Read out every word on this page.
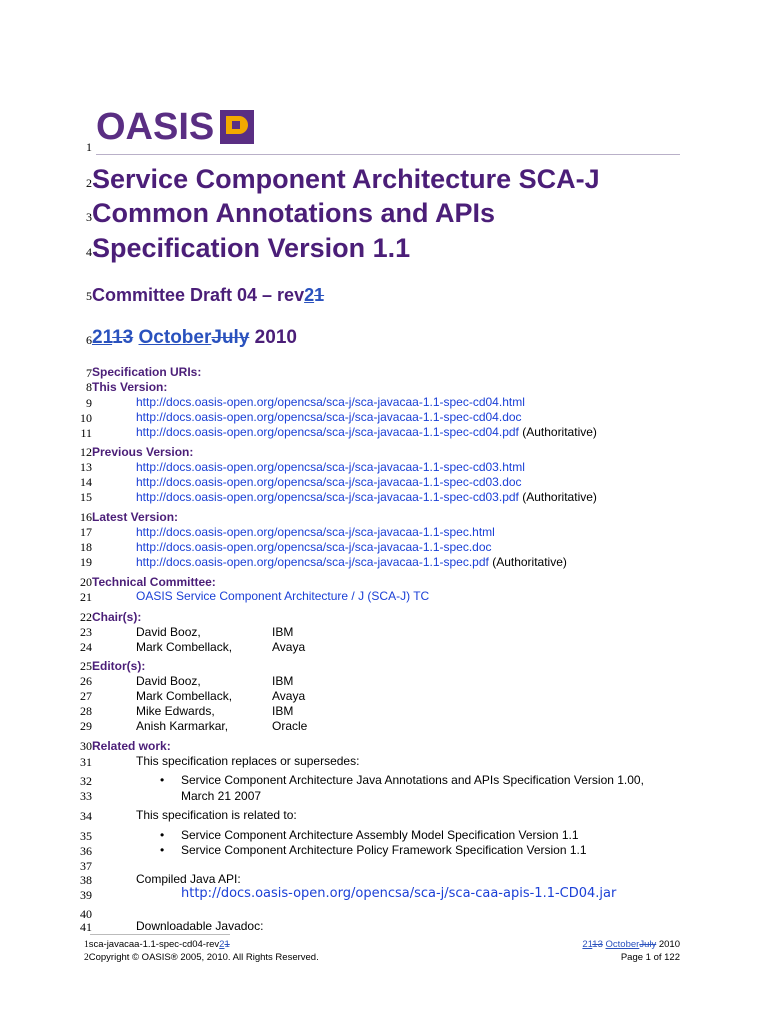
OASIS
1
2
3
4
5
6
7
8
9
10
11
12
13
14
15
16
17
18
19
20
21
22
23
24
25
26
27
28
29
30
31
32
33
34
35
36
37
38
39
40
41
Service Component Architecture SCA-J
Common Annotations and APIs
Specification Version 1.1
Committee Draft 04 – rev21
2113 OctoberJuly 2010
Specification URIs:
This Version:
http://docs.oasis-open.org/opencsa/sca-j/sca-javacaa-1.1-spec-cd04.html
http://docs.oasis-open.org/opencsa/sca-j/sca-javacaa-1.1-spec-cd04.doc
http://docs.oasis-open.org/opencsa/sca-j/sca-javacaa-1.1-spec-cd04.pdf (Authoritative)
Previous Version:
http://docs.oasis-open.org/opencsa/sca-j/sca-javacaa-1.1-spec-cd03.html
http://docs.oasis-open.org/opencsa/sca-j/sca-javacaa-1.1-spec-cd03.doc
http://docs.oasis-open.org/opencsa/sca-j/sca-javacaa-1.1-spec-cd03.pdf (Authoritative)
Latest Version:
http://docs.oasis-open.org/opencsa/sca-j/sca-javacaa-1.1-spec.html
http://docs.oasis-open.org/opencsa/sca-j/sca-javacaa-1.1-spec.doc
http://docs.oasis-open.org/opencsa/sca-j/sca-javacaa-1.1-spec.pdf (Authoritative)
Technical Committee:
OASIS Service Component Architecture / J (SCA-J) TC
Chair(s):
David Booz,	IBM
Mark Combellack,	Avaya
Editor(s):
David Booz,	IBM
Mark Combellack,	Avaya
Mike Edwards,	IBM
Anish Karmarkar,	Oracle
Related work:
This specification replaces or supersedes:
• Service Component Architecture Java Annotations and APIs Specification Version 1.00,
March 21 2007
This specification is related to:
• Service Component Architecture Assembly Model Specification Version 1.1
• Service Component Architecture Policy Framework Specification Version 1.1
Compiled Java API:
http://docs.oasis-open.org/opencsa/sca-j/sca-caa-apis-1.1-CD04.jar
Downloadable Javadoc:
1sca-javacaa-1.1-spec-cd04-rev21
2Copyright © OASIS® 2005, 2010. All Rights Reserved.
2113 OctoberJuly 2010
Page 1 of 122
